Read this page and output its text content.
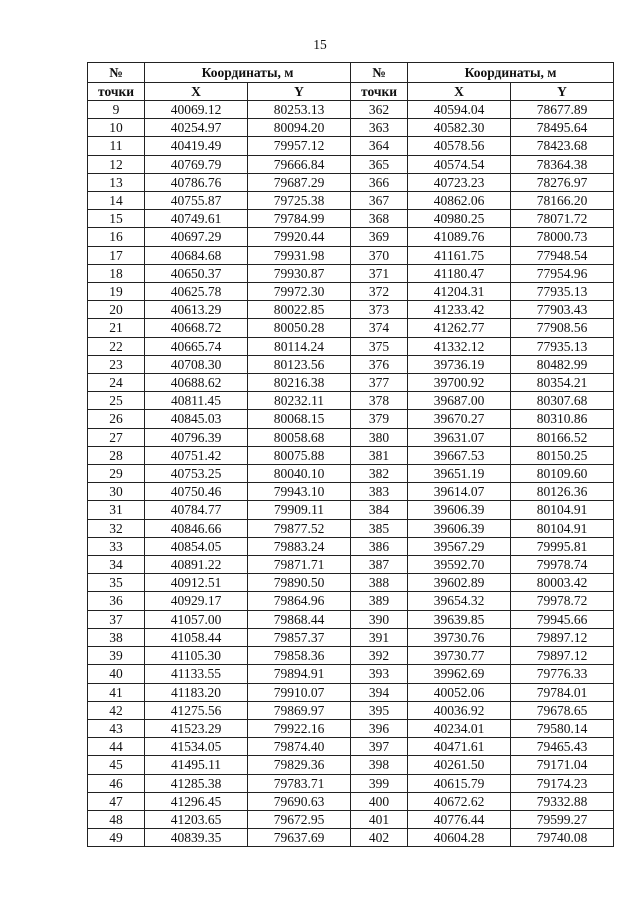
15
№	Координаты, м		№	Координаты, м	
точки	X	Y	точки	X	Y
9	40069.12	80253.13	362	40594.04	78677.89
10	40254.97	80094.20	363	40582.30	78495.64
11	40419.49	79957.12	364	40578.56	78423.68
12	40769.79	79666.84	365	40574.54	78364.38
13	40786.76	79687.29	366	40723.23	78276.97
14	40755.87	79725.38	367	40862.06	78166.20
15	40749.61	79784.99	368	40980.25	78071.72
16	40697.29	79920.44	369	41089.76	78000.73
17	40684.68	79931.98	370	41161.75	77948.54
18	40650.37	79930.87	371	41180.47	77954.96
19	40625.78	79972.30	372	41204.31	77935.13
20	40613.29	80022.85	373	41233.42	77903.43
21	40668.72	80050.28	374	41262.77	77908.56
22	40665.74	80114.24	375	41332.12	77935.13
23	40708.30	80123.56	376	39736.19	80482.99
24	40688.62	80216.38	377	39700.92	80354.21
25	40811.45	80232.11	378	39687.00	80307.68
26	40845.03	80068.15	379	39670.27	80310.86
27	40796.39	80058.68	380	39631.07	80166.52
28	40751.42	80075.88	381	39667.53	80150.25
29	40753.25	80040.10	382	39651.19	80109.60
30	40750.46	79943.10	383	39614.07	80126.36
31	40784.77	79909.11	384	39606.39	80104.91
32	40846.66	79877.52	385	39606.39	80104.91
33	40854.05	79883.24	386	39567.29	79995.81
34	40891.22	79871.71	387	39592.70	79978.74
35	40912.51	79890.50	388	39602.89	80003.42
36	40929.17	79864.96	389	39654.32	79978.72
37	41057.00	79868.44	390	39639.85	79945.66
38	41058.44	79857.37	391	39730.76	79897.12
39	41105.30	79858.36	392	39730.77	79897.12
40	41133.55	79894.91	393	39962.69	79776.33
41	41183.20	79910.07	394	40052.06	79784.01
42	41275.56	79869.97	395	40036.92	79678.65
43	41523.29	79922.16	396	40234.01	79580.14
44	41534.05	79874.40	397	40471.61	79465.43
45	41495.11	79829.36	398	40261.50	79171.04
46	41285.38	79783.71	399	40615.79	79174.23
47	41296.45	79690.63	400	40672.62	79332.88
48	41203.65	79672.95	401	40776.44	79599.27
49	40839.35	79637.69	402	40604.28	79740.08
